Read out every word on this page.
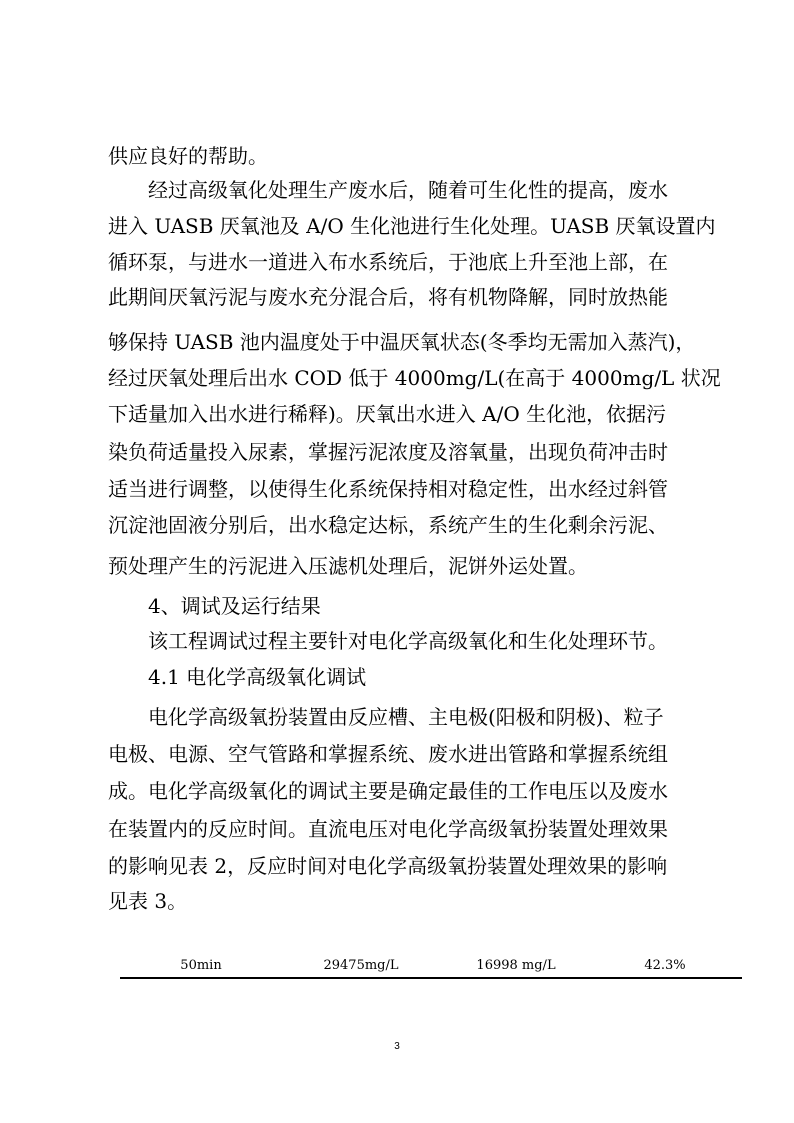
供应良好的帮助。
经过高级氧化处理生产废水后，随着可生化性的提高，废水
进入 UASB 厌氧池及 A/O 生化池进行生化处理。UASB 厌氧设置内
循环泵，与进水一道进入布水系统后，于池底上升至池上部，在
此期间厌氧污泥与废水充分混合后，将有机物降解，同时放热能
够保持 UASB 池内温度处于中温厌氧状态(冬季均无需加入蒸汽)，
经过厌氧处理后出水 COD 低于 4000mg/L(在高于 4000mg/L 状况
下适量加入出水进行稀释)。厌氧出水进入 A/O 生化池，依据污
染负荷适量投入尿素，掌握污泥浓度及溶氧量，出现负荷冲击时
适当进行调整，以使得生化系统保持相对稳定性，出水经过斜管
沉淀池固液分别后，出水稳定达标，系统产生的生化剩余污泥、
预处理产生的污泥进入压滤机处理后，泥饼外运处置。
4、调试及运行结果
该工程调试过程主要针对电化学高级氧化和生化处理环节。
4.1 电化学高级氧化调试
电化学高级氧扮装置由反应槽、主电极(阳极和阴极)、粒子
电极、电源、空气管路和掌握系统、废水进出管路和掌握系统组
成。电化学高级氧化的调试主要是确定最佳的工作电压以及废水
在装置内的反应时间。直流电压对电化学高级氧扮装置处理效果
的影响见表 2，反应时间对电化学高级氧扮装置处理效果的影响
见表 3。
50min	29475mg/L	16998 mg/L	42.3%
3
